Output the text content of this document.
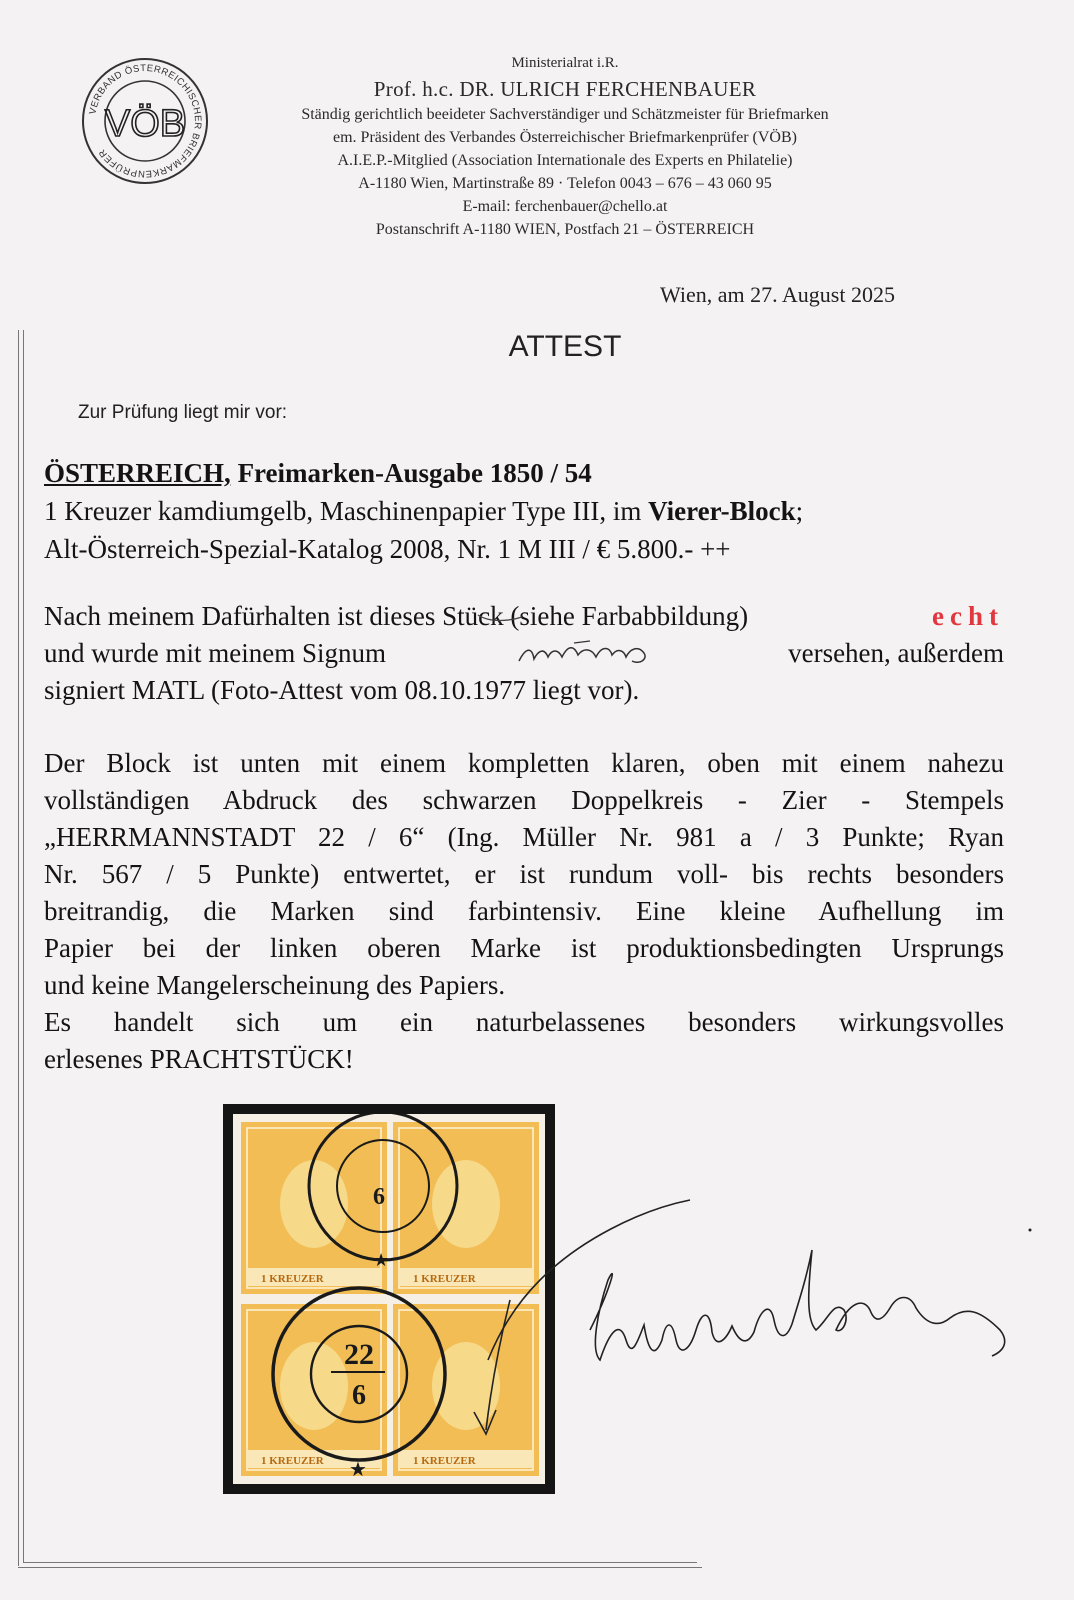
VERBAND ÖSTERREICHISCHER BRIEFMARKENPRÜFER
VÖB
Ministerialrat i.R.
Prof. h.c. DR. ULRICH FERCHENBAUER
Ständig gerichtlich beeideter Sachverständiger und Schätzmeister für Briefmarken
em. Präsident des Verbandes Österreichischer Briefmarkenprüfer (VÖB)
A.I.E.P.-Mitglied (Association Internationale des Experts en Philatelie)
A-1180 Wien, Martinstraße 89 · Telefon 0043 – 676 – 43 060 95
E-mail: ferchenbauer@chello.at
Postanschrift A-1180 WIEN, Postfach 21 – ÖSTERREICH
Wien, am 27. August 2025
ATTEST
Zur Prüfung liegt mir vor:
ÖSTERREICH, Freimarken-Ausgabe 1850 / 54
1 Kreuzer kamdiumgelb, Maschinenpapier Type III, im Vierer-Block;
Alt-Österreich-Spezial-Katalog 2008, Nr. 1 M III / € 5.800.- ++
Nach meinem Dafürhalten ist dieses Stück (siehe Farbabbildung)	echt
und wurde mit meinem Signum	versehen, außerdem
signiert MATL (Foto-Attest vom 08.10.1977 liegt vor).
Der Block ist unten mit einem kompletten klaren, oben mit einem nahezu
vollständigen Abdruck des schwarzen Doppelkreis - Zier - Stempels
„HERRMANNSTADT 22 / 6“ (Ing. Müller Nr. 981 a / 3 Punkte; Ryan
Nr. 567 / 5 Punkte) entwertet, er ist rundum voll- bis rechts besonders
breitrandig, die Marken sind farbintensiv. Eine kleine Aufhellung im
Papier bei der linken oberen Marke ist produktionsbedingten Ursprungs
und keine Mangelerscheinung des Papiers.
Es handelt sich um ein naturbelassenes besonders wirkungsvolles
erlesenes PRACHTSTÜCK!
1 KREUZER	1 KREUZER
1 KREUZER	1 KREUZER
6
★
22
6
★
